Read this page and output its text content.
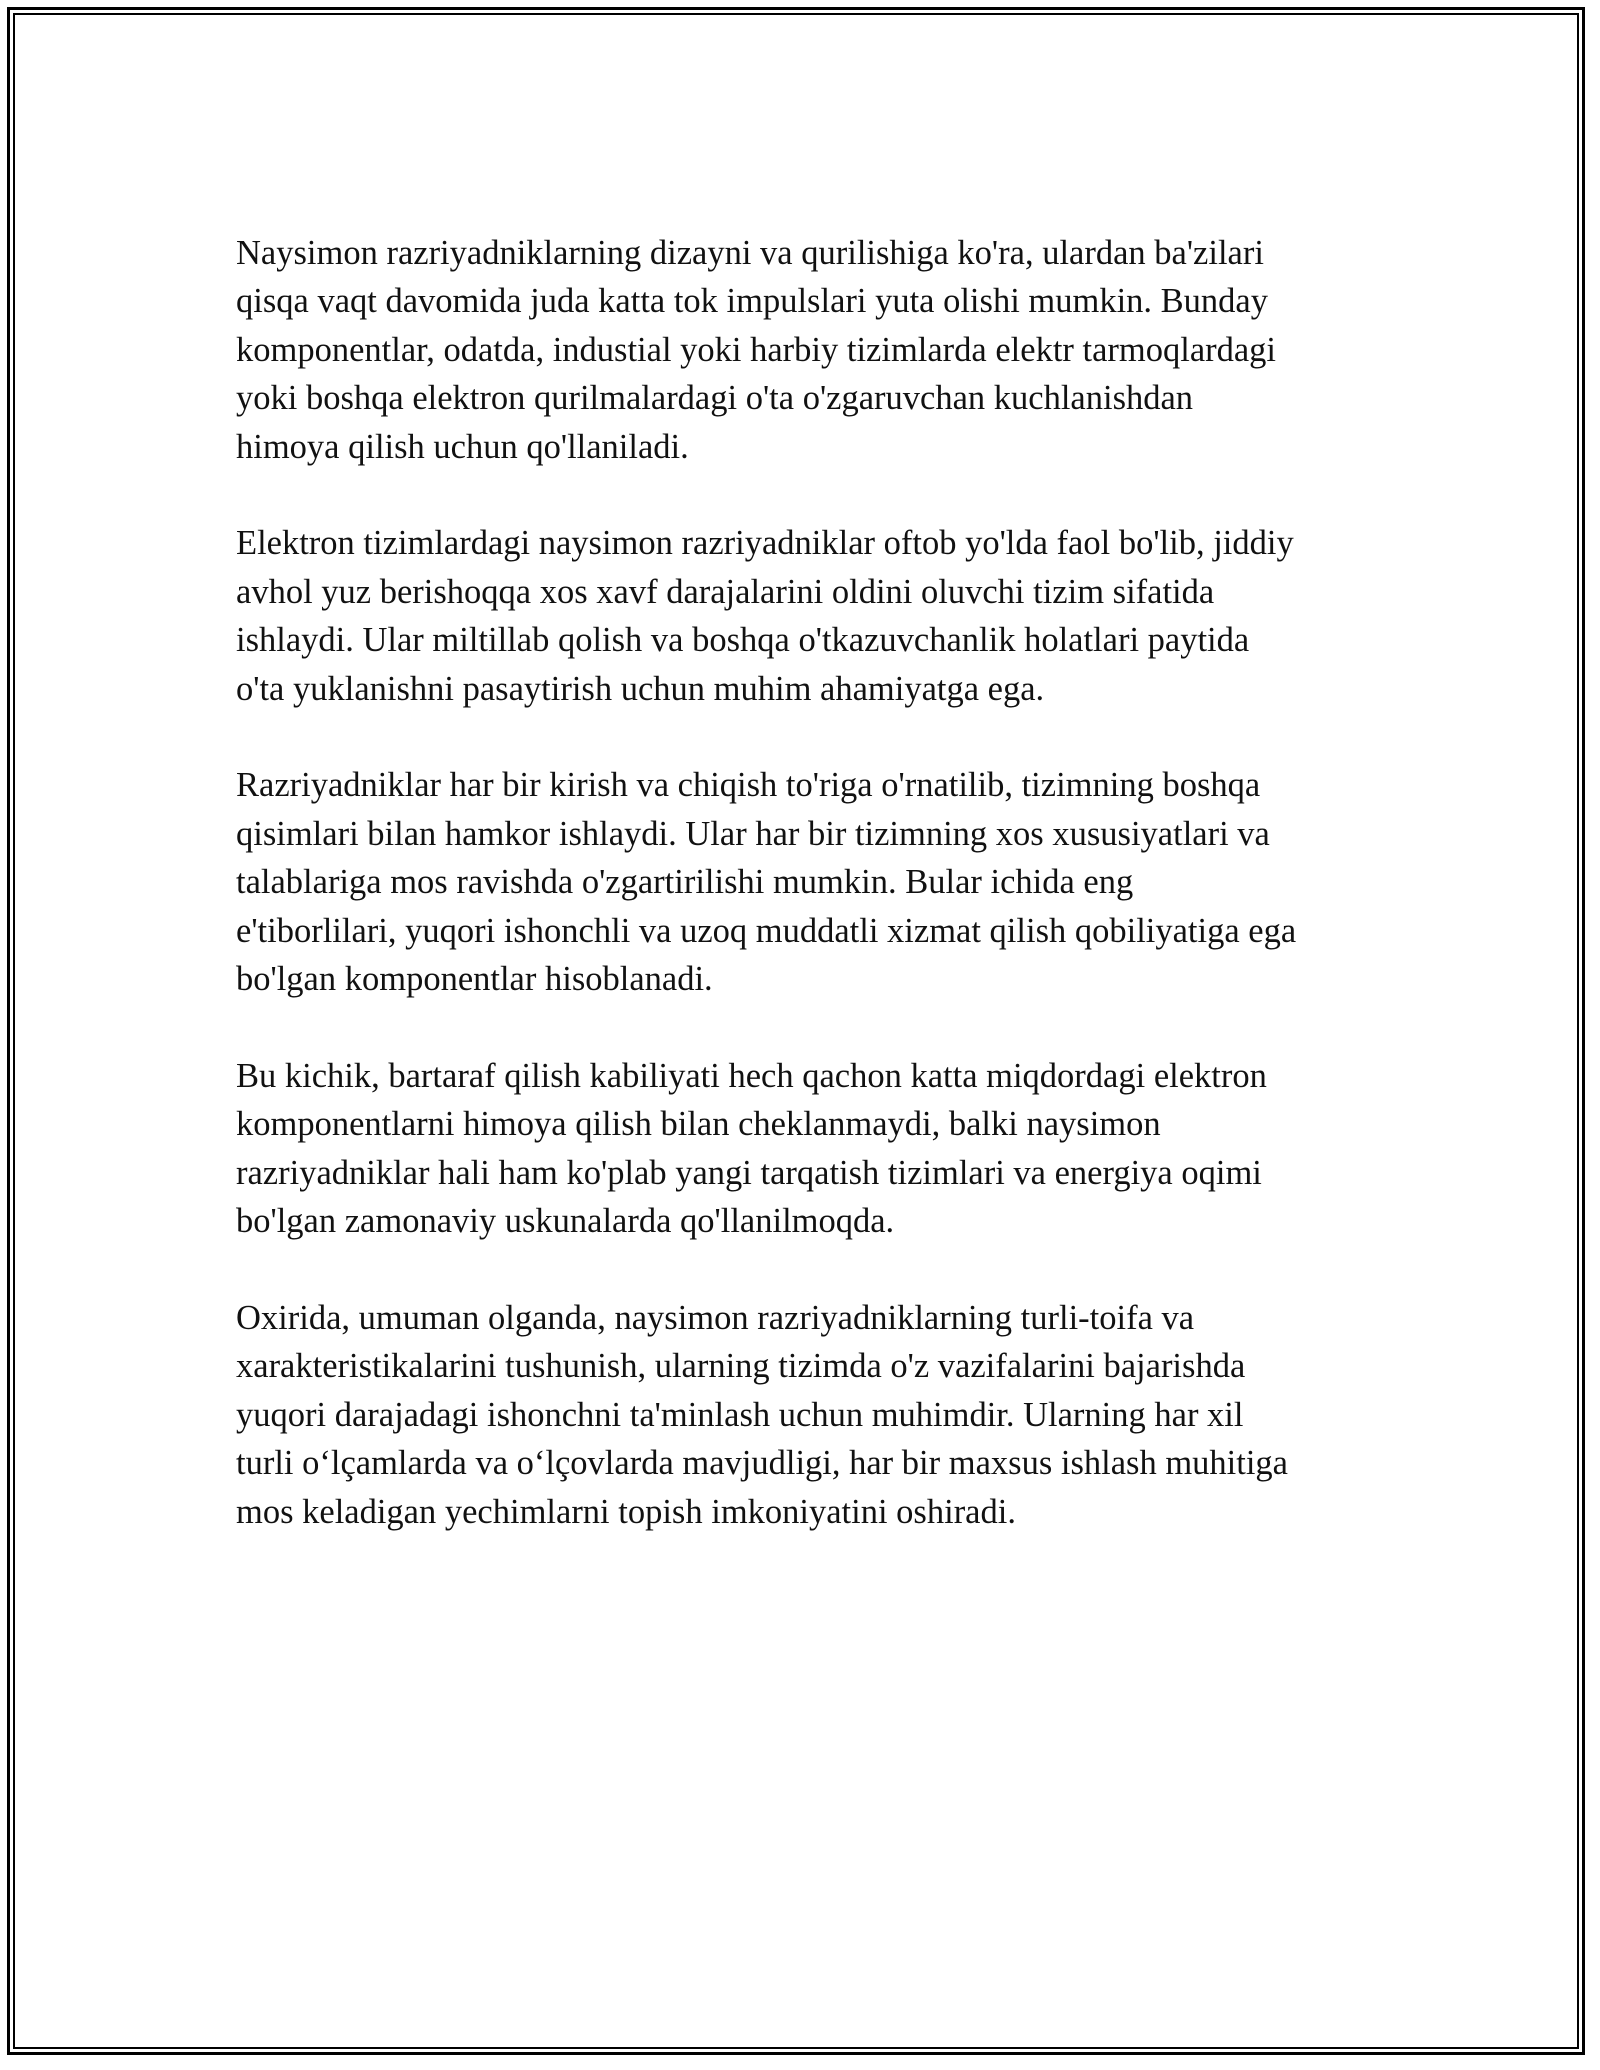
Naysimon razriyadniklarning dizayni va qurilishiga ko'ra, ulardan ba'zilari
qisqa vaqt davomida juda katta tok impulslari yuta olishi mumkin. Bunday
komponentlar, odatda, industial yoki harbiy tizimlarda elektr tarmoqlardagi
yoki boshqa elektron qurilmalardagi o'ta o'zgaruvchan kuchlanishdan
himoya qilish uchun qo'llaniladi.

Elektron tizimlardagi naysimon razriyadniklar oftob yo'lda faol bo'lib, jiddiy
avhol yuz berishoqqa xos xavf darajalarini oldini oluvchi tizim sifatida
ishlaydi. Ular miltillab qolish va boshqa o'tkazuvchanlik holatlari paytida
o'ta yuklanishni pasaytirish uchun muhim ahamiyatga ega.

Razriyadniklar har bir kirish va chiqish to'riga o'rnatilib, tizimning boshqa
qisimlari bilan hamkor ishlaydi. Ular har bir tizimning xos xususiyatlari va
talablariga mos ravishda o'zgartirilishi mumkin. Bular ichida eng
e'tiborlilari, yuqori ishonchli va uzoq muddatli xizmat qilish qobiliyatiga ega
bo'lgan komponentlar hisoblanadi.

Bu kichik, bartaraf qilish kabiliyati hech qachon katta miqdordagi elektron
komponentlarni himoya qilish bilan cheklanmaydi, balki naysimon
razriyadniklar hali ham ko'plab yangi tarqatish tizimlari va energiya oqimi
bo'lgan zamonaviy uskunalarda qo'llanilmoqda.

Oxirida, umuman olganda, naysimon razriyadniklarning turli-toifa va
xarakteristikalarini tushunish, ularning tizimda o'z vazifalarini bajarishda
yuqori darajadagi ishonchni ta'minlash uchun muhimdir. Ularning har xil
turli oʻlçamlarda va oʻlçovlarda mavjudligi, har bir maxsus ishlash muhitiga
mos keladigan yechimlarni topish imkoniyatini oshiradi.
